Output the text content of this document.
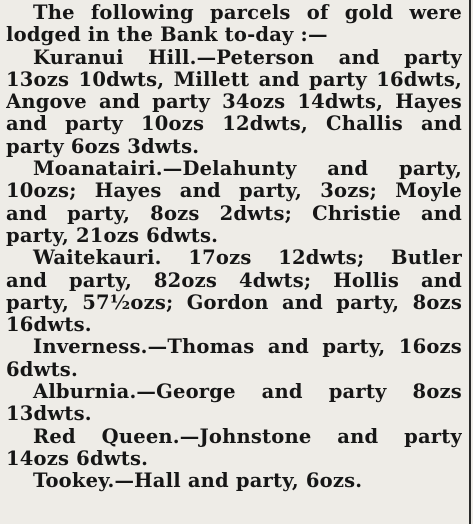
The following parcels of gold were
lodged in the Bank to-day :—
Kuranui Hill.—Peterson and party
13ozs 10dwts, Millett and party 16dwts,
Angove and party 34ozs 14dwts, Hayes
and party 10ozs 12dwts, Challis and
party 6ozs 3dwts.
Moanatairi.—Delahunty and party,
10ozs; Hayes and party, 3ozs; Moyle
and party, 8ozs 2dwts; Christie and
party, 21ozs 6dwts.
Waitekauri. 17ozs 12dwts; Butler
and party, 82ozs 4dwts; Hollis and
party, 57½ozs; Gordon and party, 8ozs
16dwts.
Inverness.—Thomas and party, 16ozs
6dwts.
Alburnia.—George and party 8ozs
13dwts.
Red Queen.—Johnstone and party
14ozs 6dwts.
Tookey.—Hall and party, 6ozs.
